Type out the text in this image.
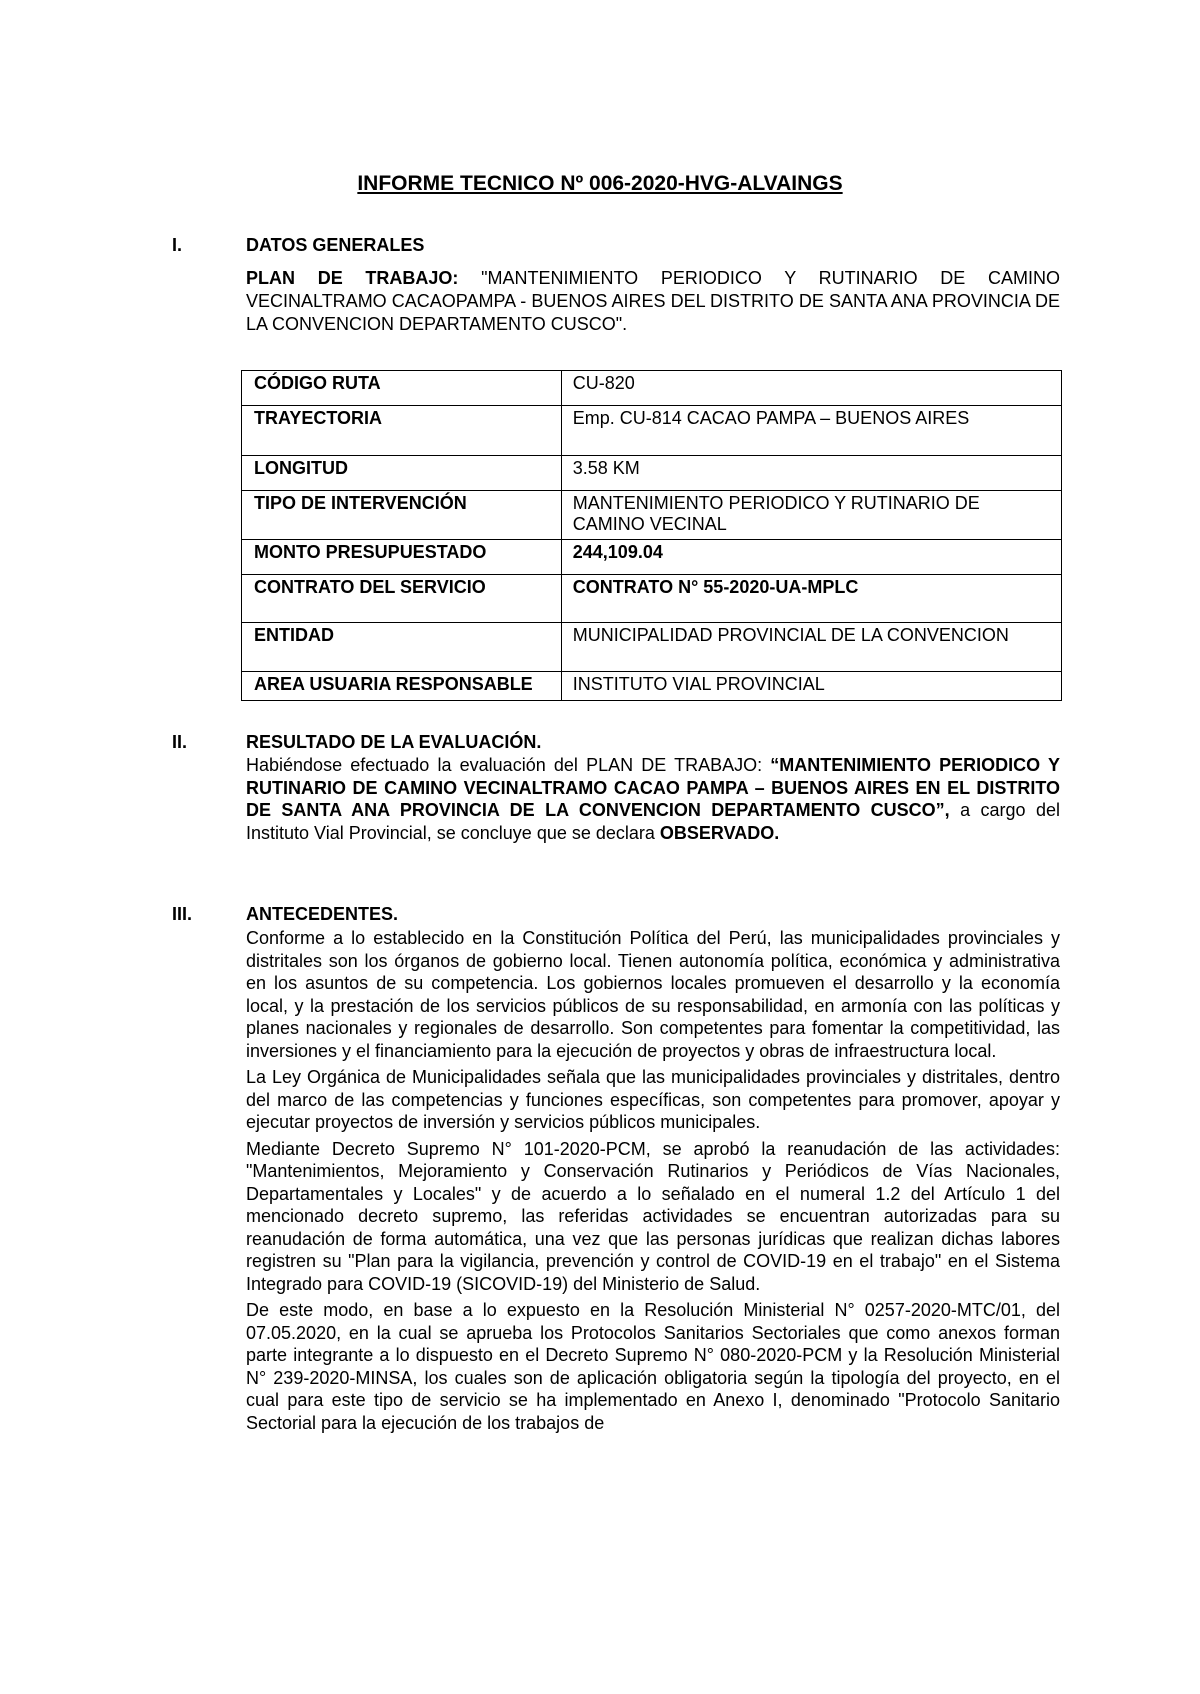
INFORME TECNICO Nº 006-2020-HVG-ALVAINGS
I.	DATOS GENERALES
PLAN DE TRABAJO: "MANTENIMIENTO PERIODICO Y RUTINARIO DE CAMINO VECINALTRAMO CACAOPAMPA - BUENOS AIRES DEL DISTRITO DE SANTA ANA PROVINCIA DE LA CONVENCION DEPARTAMENTO CUSCO".
CÓDIGO RUTA	CU-820
TRAYECTORIA	Emp. CU-814 CACAO PAMPA – BUENOS AIRES
LONGITUD	3.58 KM
TIPO DE INTERVENCIÓN	MANTENIMIENTO PERIODICO Y RUTINARIO DE CAMINO VECINAL
MONTO PRESUPUESTADO	244,109.04
CONTRATO DEL SERVICIO	CONTRATO N° 55-2020-UA-MPLC
ENTIDAD	MUNICIPALIDAD PROVINCIAL DE LA CONVENCION
AREA USUARIA RESPONSABLE	INSTITUTO VIAL PROVINCIAL
II.	RESULTADO DE LA EVALUACIÓN.
Habiéndose efectuado la evaluación del PLAN DE TRABAJO: “MANTENIMIENTO PERIODICO Y RUTINARIO DE CAMINO VECINALTRAMO CACAO PAMPA – BUENOS AIRES EN EL DISTRITO DE SANTA ANA PROVINCIA DE LA CONVENCION DEPARTAMENTO CUSCO”, a cargo del Instituto Vial Provincial, se concluye que se declara OBSERVADO.
III.	ANTECEDENTES.

Conforme a lo establecido en la Constitución Política del Perú, las municipalidades provinciales y distritales son los órganos de gobierno local. Tienen autonomía política, económica y administrativa en los asuntos de su competencia. Los gobiernos locales promueven el desarrollo y la economía local, y la prestación de los servicios públicos de su responsabilidad, en armonía con las políticas y planes nacionales y regionales de desarrollo. Son competentes para fomentar la competitividad, las inversiones y el financiamiento para la ejecución de proyectos y obras de infraestructura local.

La Ley Orgánica de Municipalidades señala que las municipalidades provinciales y distritales, dentro del marco de las competencias y funciones específicas, son competentes para promover, apoyar y ejecutar proyectos de inversión y servicios públicos municipales.

Mediante Decreto Supremo N° 101-2020-PCM, se aprobó la reanudación de las actividades: "Mantenimientos, Mejoramiento y Conservación Rutinarios y Periódicos de Vías Nacionales, Departamentales y Locales" y de acuerdo a lo señalado en el numeral 1.2 del Artículo 1 del mencionado decreto supremo, las referidas actividades se encuentran autorizadas para su reanudación de forma automática, una vez que las personas jurídicas que realizan dichas labores registren su "Plan para la vigilancia, prevención y control de COVID-19 en el trabajo" en el Sistema Integrado para COVID-19 (SICOVID-19) del Ministerio de Salud.

De este modo, en base a lo expuesto en la Resolución Ministerial N° 0257-2020-MTC/01, del 07.05.2020, en la cual se aprueba los Protocolos Sanitarios Sectoriales que como anexos forman parte integrante a lo dispuesto en el Decreto Supremo N° 080-2020-PCM y la Resolución Ministerial N° 239-2020-MINSA, los cuales son de aplicación obligatoria según la tipología del proyecto, en el cual para este tipo de servicio se ha implementado en Anexo I, denominado "Protocolo Sanitario Sectorial para la ejecución de los trabajos de
